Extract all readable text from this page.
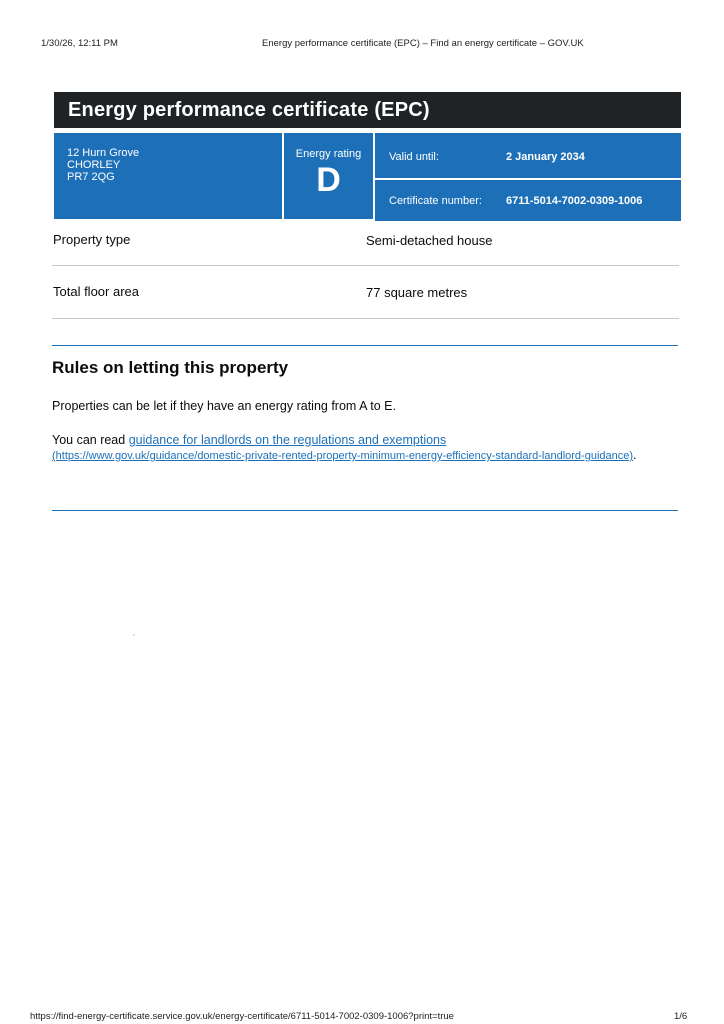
1/30/26, 12:11 PM	Energy performance certificate (EPC) – Find an energy certificate – GOV.UK
Energy performance certificate (EPC)
12 Hurn Grove
CHORLEY
PR7 2QG
Energy rating
D
Valid until:	2 January 2034
Certificate number: 6711-5014-7002-0309-1006
Property type	Semi-detached house
Total floor area	77 square metres
Rules on letting this property

Properties can be let if they have an energy rating from A to E.

You can read guidance for landlords on the regulations and exemptions
(https://www.gov.uk/guidance/domestic-private-rented-property-minimum-energy-efficiency-standard-landlord-guidance).

https://find-energy-certificate.service.gov.uk/energy-certificate/6711-5014-7002-0309-1006?print=true	1/6
